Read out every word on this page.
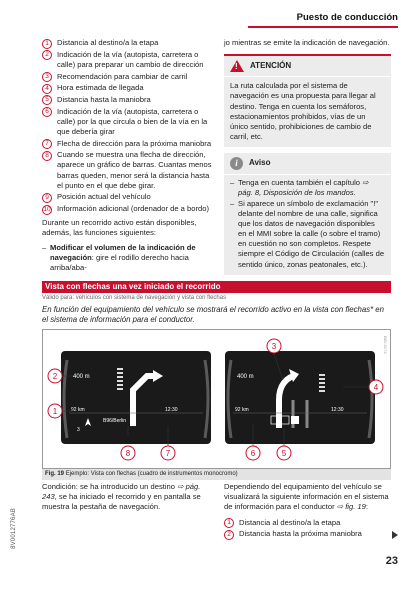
Puesto de conducción
1	Distancia al destino/a la etapa
2	Indicación de la vía (autopista, carretera o calle) para preparar un cambio de dirección
3	Recomendación para cambiar de carril
4	Hora estimada de llegada
5	Distancia hasta la maniobra
6	Indicación de la vía (autopista, carretera o calle) por la que circula o bien de la vía en la que debería girar
7	Flecha de dirección para la próxima maniobra
8	Cuando se muestra una flecha de dirección, aparece un gráfico de barras. Cuantas menos barras queden, menor será la distancia hasta el punto en el que debe girar.
9	Posición actual del vehículo
10 Información adicional (ordenador de a bordo)
Durante un recorrido activo están disponibles, además, las funciones siguientes:
– Modificar el volumen de la indicación de navegación: gire el rodillo derecho hacia arriba/aba-
jo mientras se emite la indicación de navegación.
! ATENCIÓN
La ruta calculada por el sistema de navegación es una propuesta para llegar al destino. Tenga en cuenta los semáforos, estacionamientos prohibidos, vías de un único sentido, prohibiciones de cambio de carril, etc.
i	Aviso
– Tenga en cuenta también el capítulo ⇨ pág. 8, Disposición de los mandos.
– Si aparece un símbolo de exclamación "!" delante del nombre de una calle, significa que los datos de navegación disponibles en el MMI sobre la calle (o sobre el tramo) en cuestión no son completos. Respete siempre el Código de Circulación (calles de sentido único, zonas peatonales, etc.).
Vista con flechas una vez iniciado el recorrido
Válido para: vehículos con sistema de navegación y vista con flechas
En función del equipamiento del vehículo se mostrará el recorrido activo en la vista con flechas* en el sistema de información para el conductor.
B8V-0174
400 m
92 km
B96/Berlin
12:30
3
400 m
92 km	12:30
2
1
8	7
3
4
6	5
Fig. 19 Ejemplo: Vista con flechas (cuadro de instrumentos monocromo)
Condición: se ha introducido un destino ⇨ pág. 243, se ha iniciado el recorrido y en pantalla se muestra la pestaña de navegación.
Dependiendo del equipamiento del vehículo se visualizará la siguiente información en el sistema de información para el conductor ⇨ fig. 19:
1	Distancia al destino/a la etapa
2	Distancia hasta la próxima maniobra
8V0012776AB
23
